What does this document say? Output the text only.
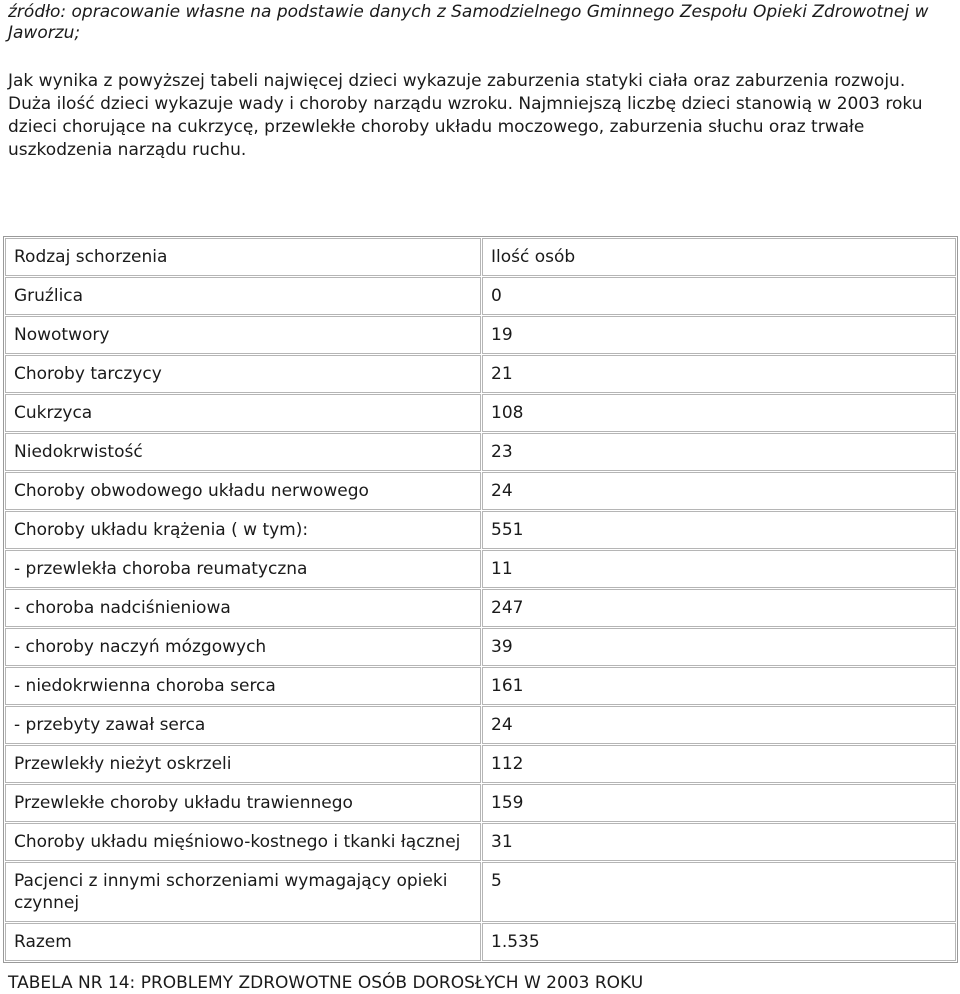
źródło: opracowanie własne na podstawie danych z Samodzielnego Gminnego Zespołu Opieki Zdrowotnej w Jaworzu;

Jak wynika z powyższej tabeli najwięcej dzieci wykazuje zaburzenia statyki ciała oraz zaburzenia rozwoju. Duża ilość dzieci wykazuje wady i choroby narządu wzroku. Najmniejszą liczbę dzieci stanowią w 2003 roku dzieci chorujące na cukrzycę, przewlekłe choroby układu moczowego, zaburzenia słuchu oraz trwałe uszkodzenia narządu ruchu.

Rodzaj schorzenia	Ilość osób
Gruźlica	0
Nowotwory	19
Choroby tarczycy	21
Cukrzyca	108
Niedokrwistość	23
Choroby obwodowego układu nerwowego	24
Choroby układu krążenia ( w tym):	551
- przewlekła choroba reumatyczna	11
- choroba nadciśnieniowa	247
- choroby naczyń mózgowych	39
- niedokrwienna choroba serca	161
- przebyty zawał serca	24
Przewlekły nieżyt oskrzeli	112
Przewlekłe choroby układu trawiennego	159
Choroby układu mięśniowo-kostnego i tkanki łącznej	31
Pacjenci z innymi schorzeniami wymagający opieki czynnej	5
Razem	1.535

TABELA NR 14: PROBLEMY ZDROWOTNE OSÓB DOROSŁYCH W 2003 ROKU
